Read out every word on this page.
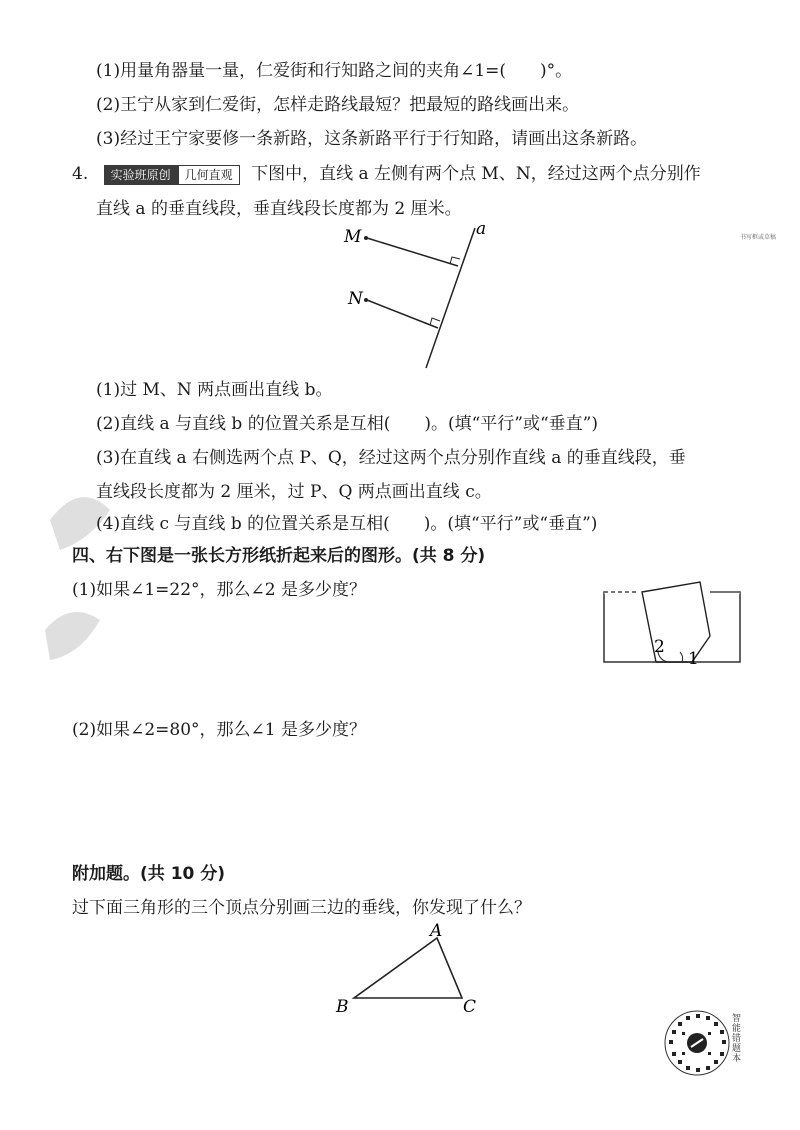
(1)用量角器量一量，仁爱街和行知路之间的夹角∠1=(　　)°。
(2)王宁从家到仁爱街，怎样走路线最短？把最短的路线画出来。
(3)经过王宁家要修一条新路，这条新路平行于行知路，请画出这条新路。
4. 实验班原创 几何直观 下图中，直线 a 左侧有两个点 M、N，经过这两个点分别作
直线 a 的垂直线段，垂直线段长度都为 2 厘米。
M
N
a	书写框或草稿
(1)过 M、N 两点画出直线 b。
(2)直线 a 与直线 b 的位置关系是互相(　　)。(填“平行”或“垂直”)
(3)在直线 a 右侧选两个点 P、Q，经过这两个点分别作直线 a 的垂直线段，垂
直线段长度都为 2 厘米，过 P、Q 两点画出直线 c。
(4)直线 c 与直线 b 的位置关系是互相(　　)。(填“平行”或“垂直”)
四、右下图是一张长方形纸折起来后的图形。(共 8 分)
(1)如果∠1=22°，那么∠2 是多少度？
2
1
(2)如果∠2=80°，那么∠1 是多少度？
附加题。(共 10 分)
过下面三角形的三个顶点分别画三边的垂线，你发现了什么？
A
B	C
智能错题本
